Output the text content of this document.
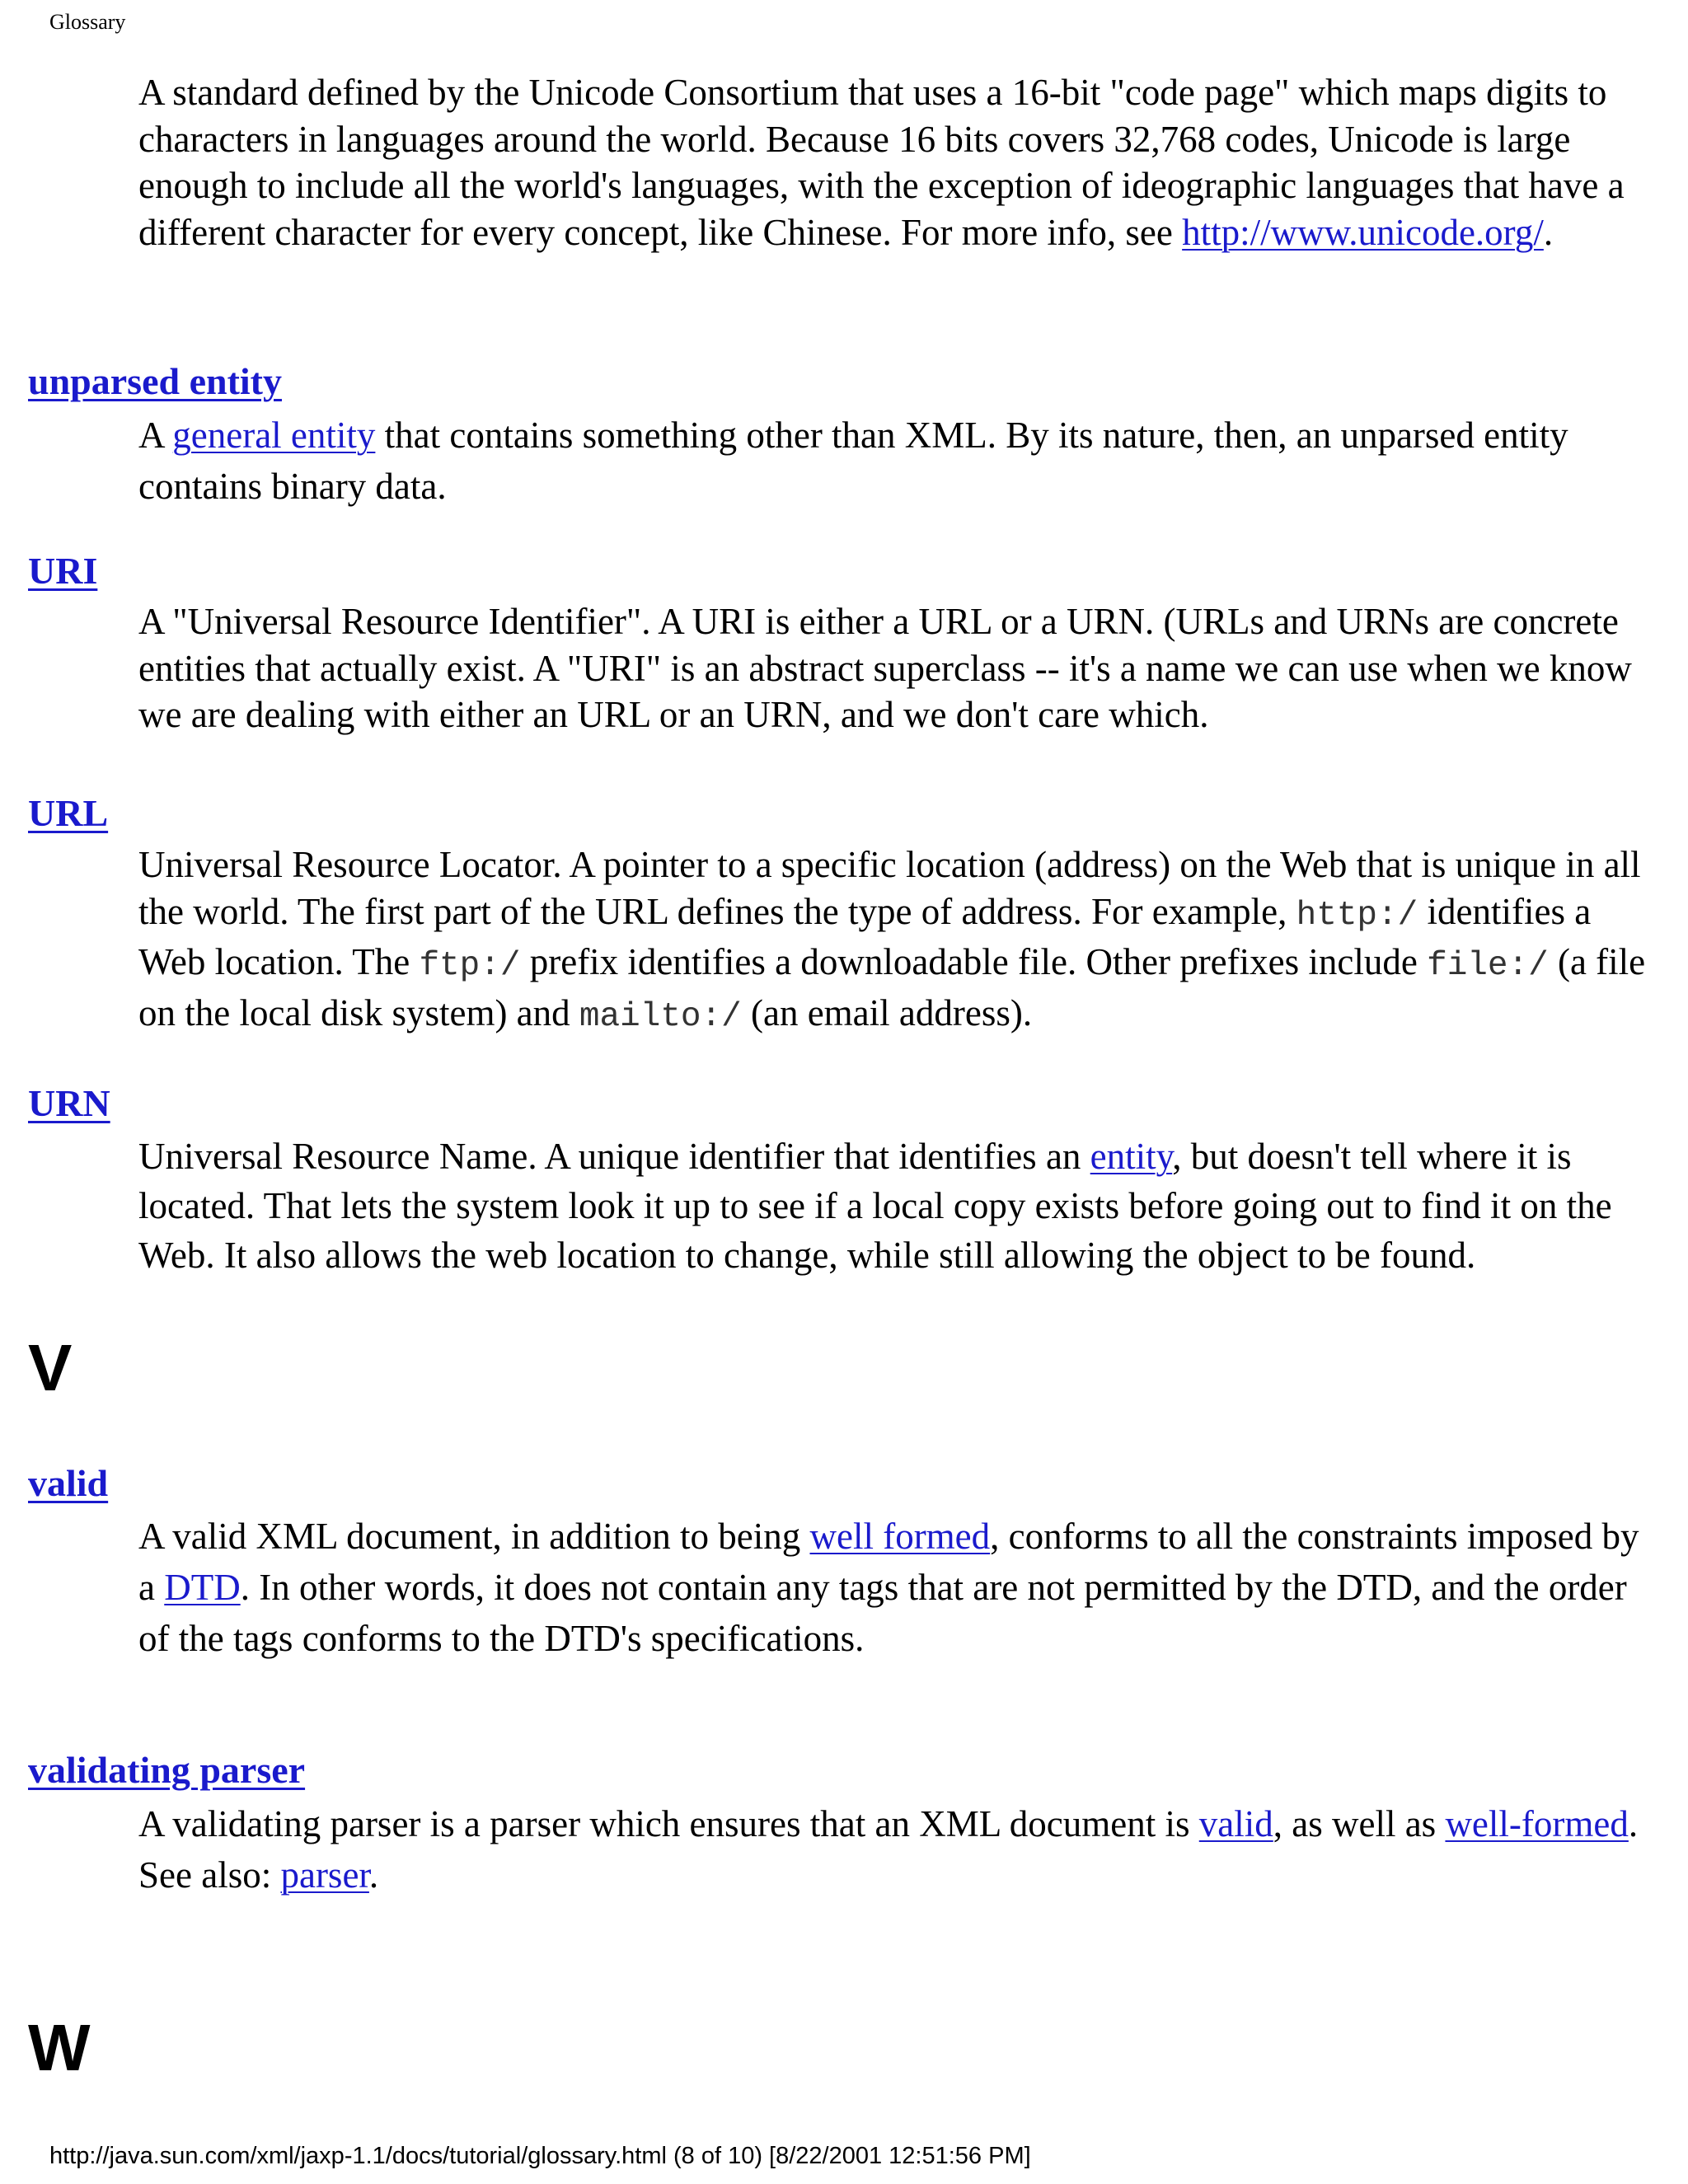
Glossary

A standard defined by the Unicode Consortium that uses a 16-bit "code page" which maps digits to characters in languages around the world. Because 16 bits covers 32,768 codes, Unicode is large enough to include all the world's languages, with the exception of ideographic languages that have a different character for every concept, like Chinese. For more info, see http://www.unicode.org/.

unparsed entity

A general entity that contains something other than XML. By its nature, then, an unparsed entity contains binary data.

URI

A "Universal Resource Identifier". A URI is either a URL or a URN. (URLs and URNs are concrete entities that actually exist. A "URI" is an abstract superclass -- it's a name we can use when we know we are dealing with either an URL or an URN, and we don't care which.

URL

Universal Resource Locator. A pointer to a specific location (address) on the Web that is unique in all the world. The first part of the URL defines the type of address. For example, http:/ identifies a Web location. The ftp:/ prefix identifies a downloadable file. Other prefixes include file:/ (a file on the local disk system) and mailto:/ (an email address).

URN

Universal Resource Name. A unique identifier that identifies an entity, but doesn't tell where it is located. That lets the system look it up to see if a local copy exists before going out to find it on the Web. It also allows the web location to change, while still allowing the object to be found.

V
valid

A valid XML document, in addition to being well formed, conforms to all the constraints imposed by a DTD. In other words, it does not contain any tags that are not permitted by the DTD, and the order of the tags conforms to the DTD's specifications.

validating parser

A validating parser is a parser which ensures that an XML document is valid, as well as well-formed.

See also: parser.

W
http://java.sun.com/xml/jaxp-1.1/docs/tutorial/glossary.html (8 of 10) [8/22/2001 12:51:56 PM]
